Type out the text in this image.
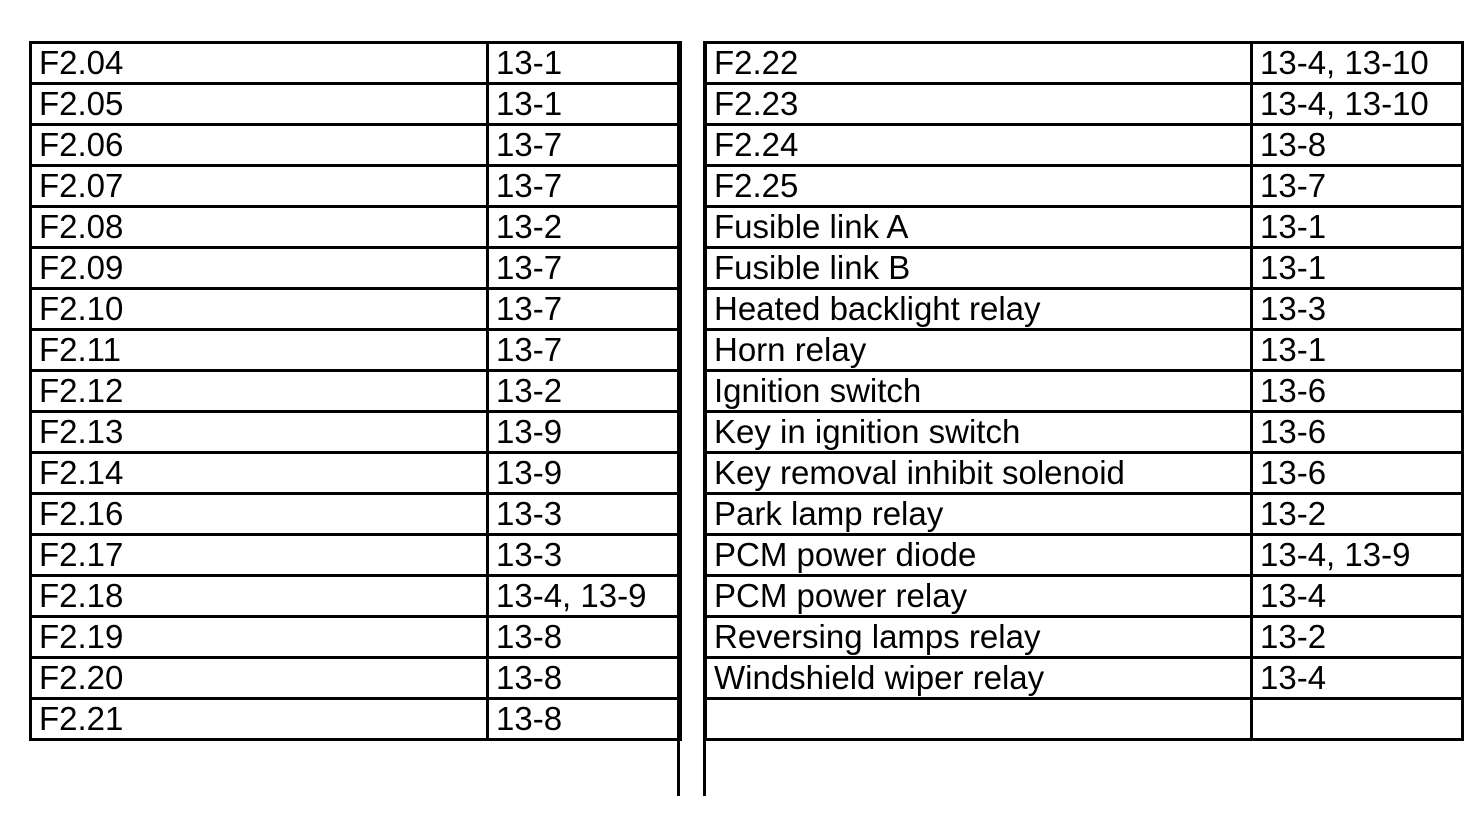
F2.04	13-1
F2.05	13-1
F2.06	13-7
F2.07	13-7
F2.08	13-2
F2.09	13-7
F2.10	13-7
F2.11	13-7
F2.12	13-2
F2.13	13-9
F2.14	13-9
F2.16	13-3
F2.17	13-3
F2.18	13-4, 13-9
F2.19	13-8
F2.20	13-8
F2.21	13-8
F2.22	13-4, 13-10
F2.23	13-4, 13-10
F2.24	13-8
F2.25	13-7
Fusible link A	13-1
Fusible link B	13-1
Heated backlight relay	13-3
Horn relay	13-1
Ignition switch	13-6
Key in ignition switch	13-6
Key removal inhibit solenoid	13-6
Park lamp relay	13-2
PCM power diode	13-4, 13-9
PCM power relay	13-4
Reversing lamps relay	13-2
Windshield wiper relay	13-4
